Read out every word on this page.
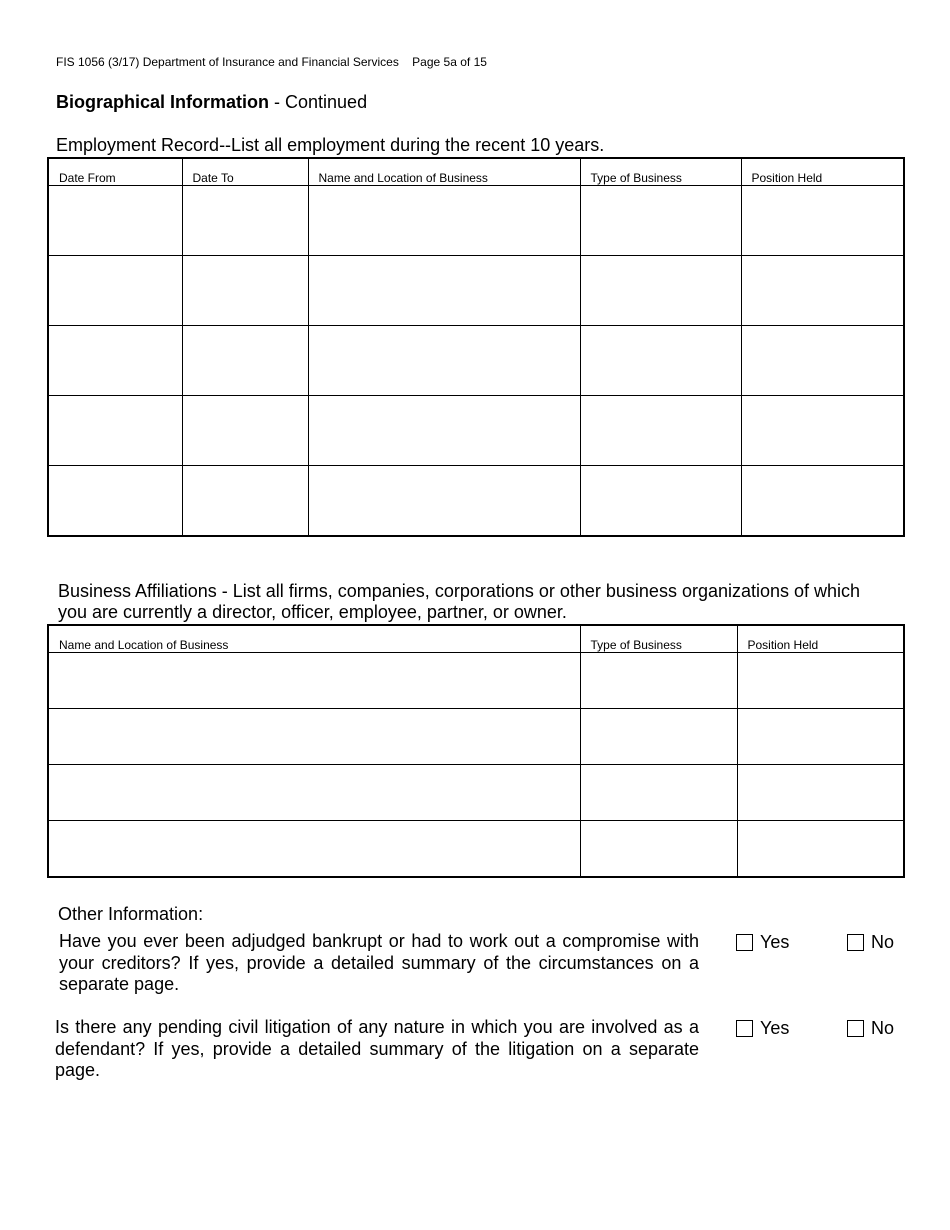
FIS 1056 (3/17) Department of Insurance and Financial Services    Page 5a of 15
Biographical Information - Continued
Employment Record--List all employment during the recent 10 years.
Date From	Date To	Name and Location of Business	Type of Business	Position Held

Business Affiliations - List all firms, companies, corporations or other business organizations of which
you are currently a director, officer, employee, partner, or owner.
Name and Location of Business	Type of Business	Position Held

Other Information:
Have you ever been adjudged bankrupt or had to work out a compromise with your creditors? If yes, provide a detailed summary of the circumstances on a separate page.
Yes	No
Is there any pending civil litigation of any nature in which you are involved as a defendant? If yes, provide a detailed summary of the litigation on a separate page.
Yes	No
